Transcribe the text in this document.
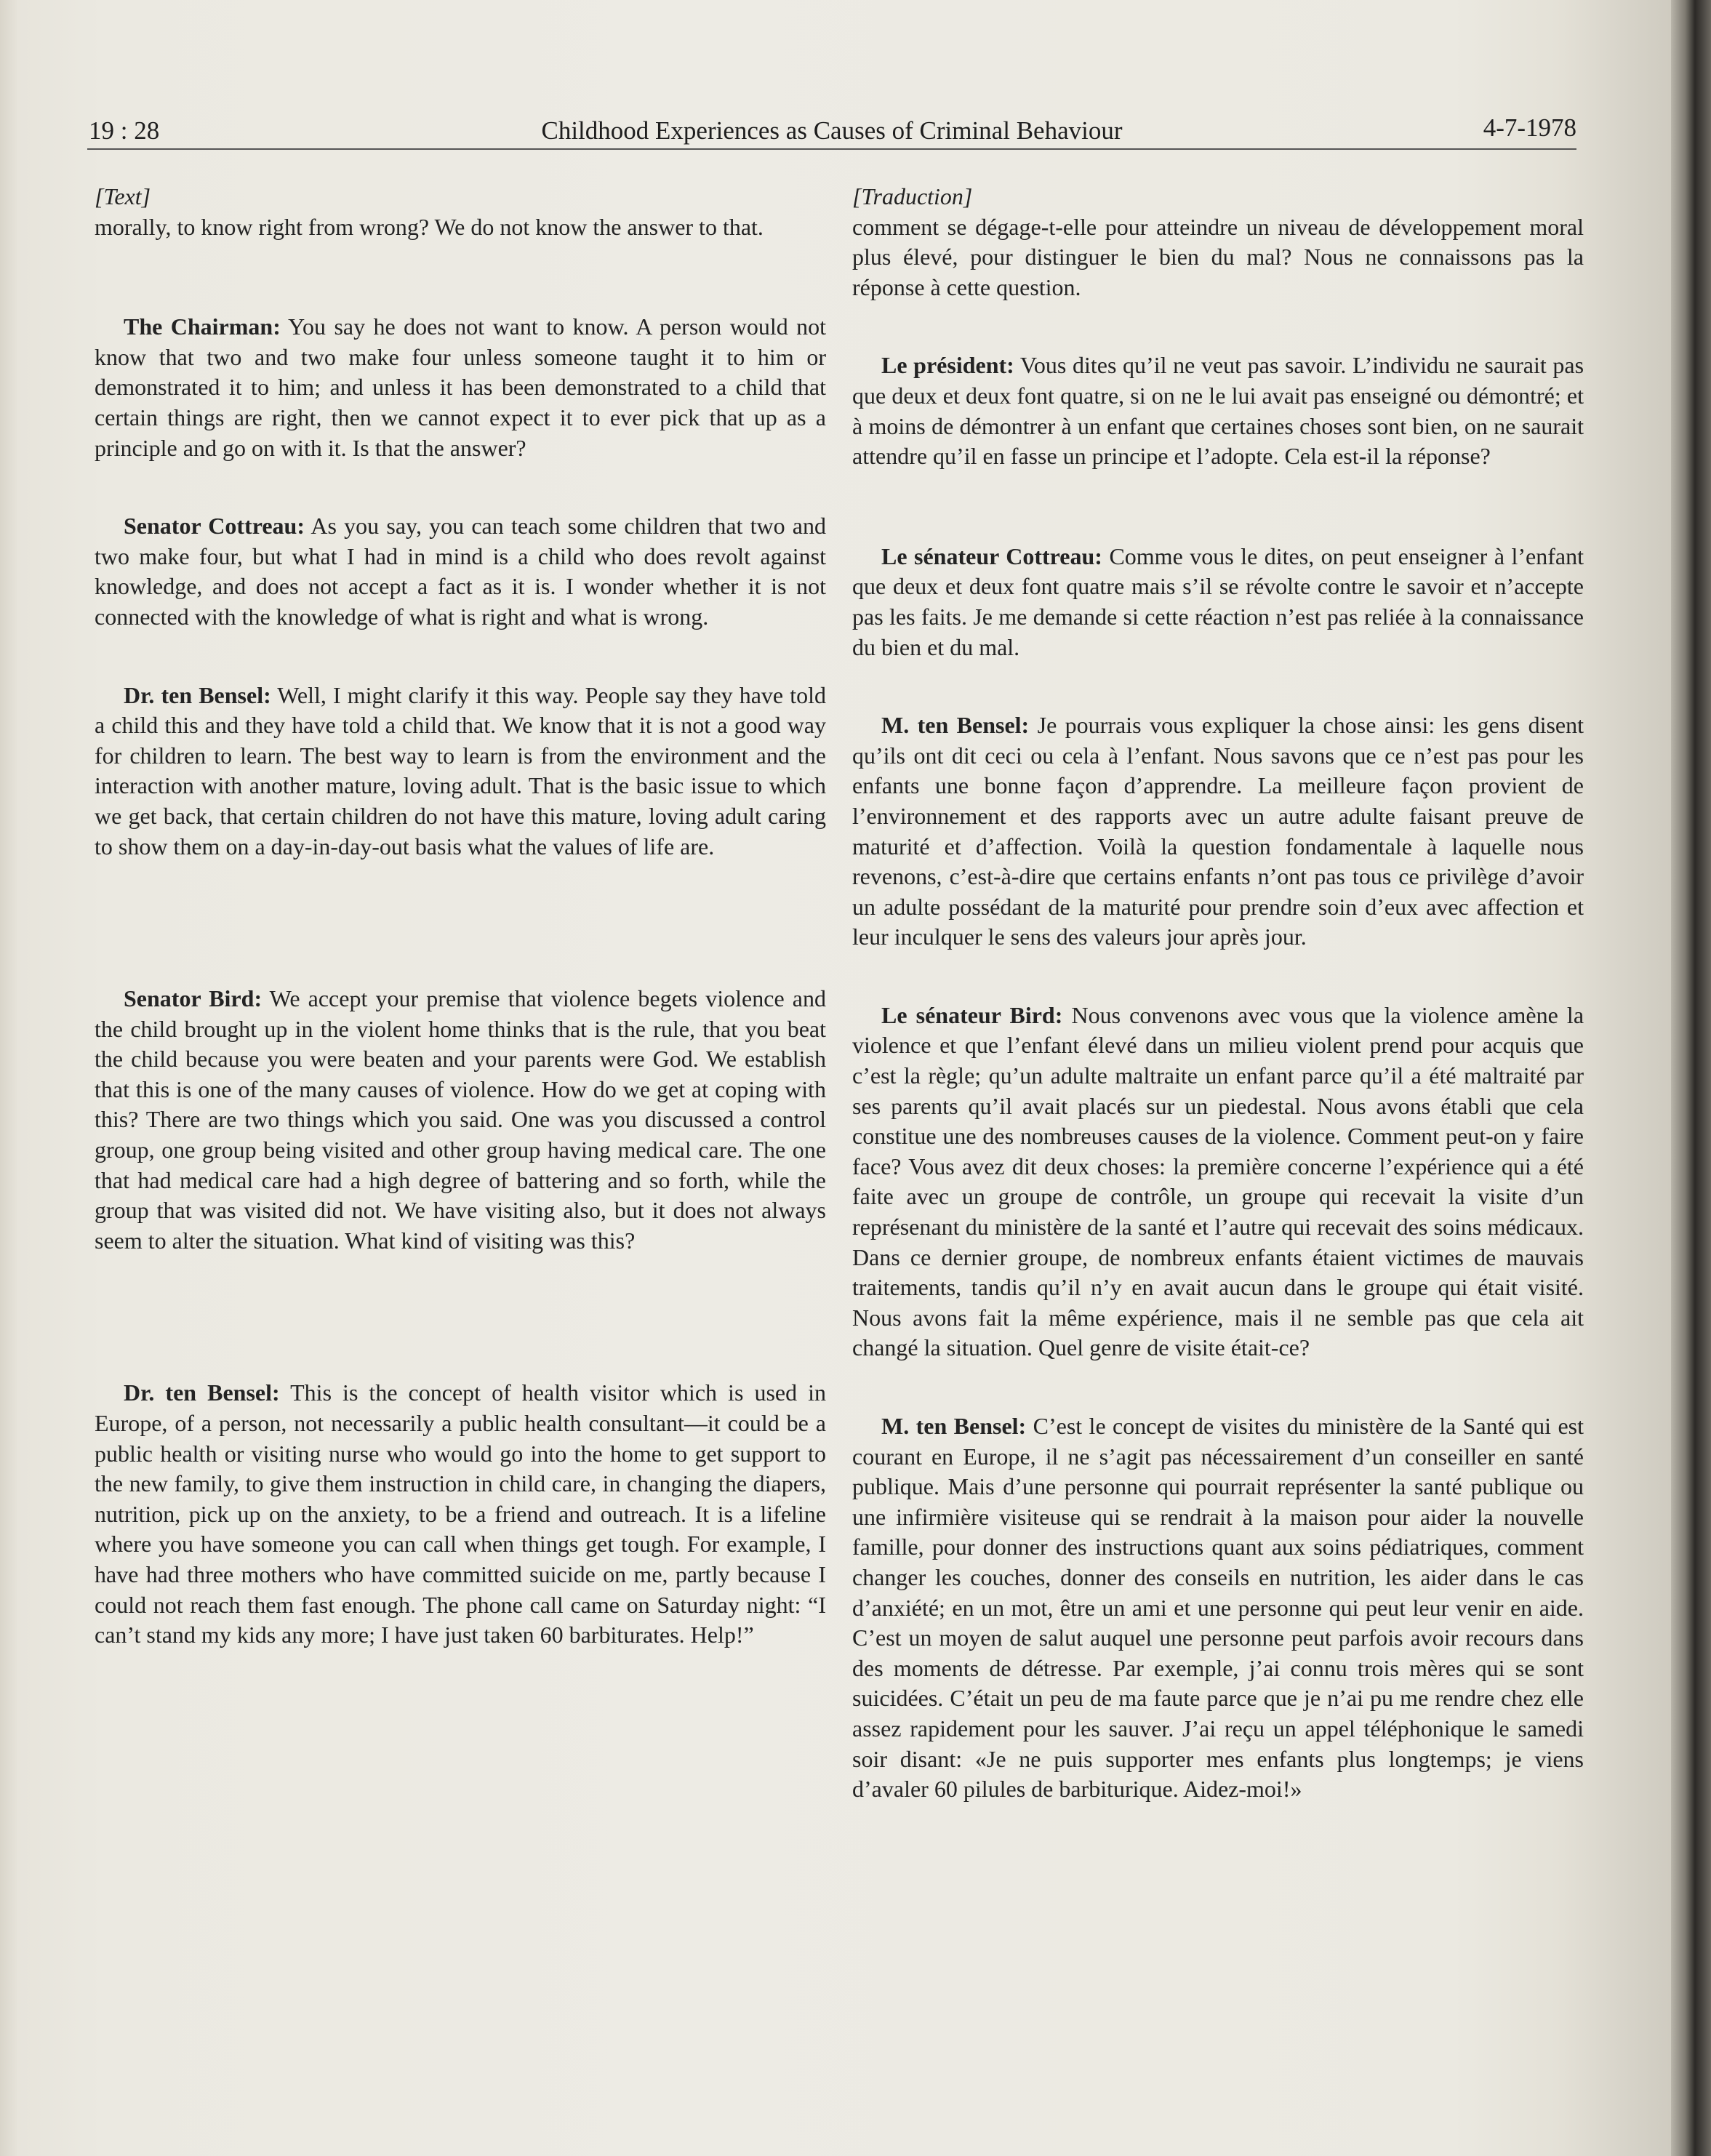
19 : 28	Childhood Experiences as Causes of Criminal Behaviour	4-7-1978

[Text]

morally, to know right from wrong? We do not know the answer to that.

The Chairman: You say he does not want to know. A person would not know that two and two make four unless someone taught it to him or demonstrated it to him; and unless it has been demonstrated to a child that certain things are right, then we cannot expect it to ever pick that up as a principle and go on with it. Is that the answer?

Senator Cottreau: As you say, you can teach some children that two and two make four, but what I had in mind is a child who does revolt against knowledge, and does not accept a fact as it is. I wonder whether it is not connected with the knowledge of what is right and what is wrong.

Dr. ten Bensel: Well, I might clarify it this way. People say they have told a child this and they have told a child that. We know that it is not a good way for children to learn. The best way to learn is from the environment and the interaction with another mature, loving adult. That is the basic issue to which we get back, that certain children do not have this mature, loving adult caring to show them on a day-in-day-out basis what the values of life are.

Senator Bird: We accept your premise that violence begets violence and the child brought up in the violent home thinks that is the rule, that you beat the child because you were beaten and your parents were God. We establish that this is one of the many causes of violence. How do we get at coping with this? There are two things which you said. One was you discussed a control group, one group being visited and other group having medical care. The one that had medical care had a high degree of battering and so forth, while the group that was visited did not. We have visiting also, but it does not always seem to alter the situation. What kind of visiting was this?

Dr. ten Bensel: This is the concept of health visitor which is used in Europe, of a person, not necessarily a public health consultant—it could be a public health or visiting nurse who would go into the home to get support to the new family, to give them instruction in child care, in changing the diapers, nutrition, pick up on the anxiety, to be a friend and outreach. It is a lifeline where you have someone you can call when things get tough. For example, I have had three mothers who have committed suicide on me, partly because I could not reach them fast enough. The phone call came on Saturday night: “I can’t stand my kids any more; I have just taken 60 barbiturates. Help!”

[Traduction]

comment se dégage-t-elle pour atteindre un niveau de développement moral plus élevé, pour distinguer le bien du mal? Nous ne connaissons pas la réponse à cette question.

Le président: Vous dites qu’il ne veut pas savoir. L’individu ne saurait pas que deux et deux font quatre, si on ne le lui avait pas enseigné ou démontré; et à moins de démontrer à un enfant que certaines choses sont bien, on ne saurait attendre qu’il en fasse un principe et l’adopte. Cela est-il la réponse?

Le sénateur Cottreau: Comme vous le dites, on peut enseigner à l’enfant que deux et deux font quatre mais s’il se révolte contre le savoir et n’accepte pas les faits. Je me demande si cette réaction n’est pas reliée à la connaissance du bien et du mal.

M. ten Bensel: Je pourrais vous expliquer la chose ainsi: les gens disent qu’ils ont dit ceci ou cela à l’enfant. Nous savons que ce n’est pas pour les enfants une bonne façon d’apprendre. La meilleure façon provient de l’environnement et des rapports avec un autre adulte faisant preuve de maturité et d’affection. Voilà la question fondamentale à laquelle nous revenons, c’est-à-dire que certains enfants n’ont pas tous ce privilège d’avoir un adulte possédant de la maturité pour prendre soin d’eux avec affection et leur inculquer le sens des valeurs jour après jour.

Le sénateur Bird: Nous convenons avec vous que la violence amène la violence et que l’enfant élevé dans un milieu violent prend pour acquis que c’est la règle; qu’un adulte maltraite un enfant parce qu’il a été maltraité par ses parents qu’il avait placés sur un piedestal. Nous avons établi que cela constitue une des nombreuses causes de la violence. Comment peut-on y faire face? Vous avez dit deux choses: la première concerne l’expérience qui a été faite avec un groupe de contrôle, un groupe qui recevait la visite d’un représenant du ministère de la santé et l’autre qui recevait des soins médicaux. Dans ce dernier groupe, de nombreux enfants étaient victimes de mauvais traitements, tandis qu’il n’y en avait aucun dans le groupe qui était visité. Nous avons fait la même expérience, mais il ne semble pas que cela ait changé la situation. Quel genre de visite était-ce?

M. ten Bensel: C’est le concept de visites du ministère de la Santé qui est courant en Europe, il ne s’agit pas nécessairement d’un conseiller en santé publique. Mais d’une personne qui pourrait représenter la santé publique ou une infirmière visiteuse qui se rendrait à la maison pour aider la nouvelle famille, pour donner des instructions quant aux soins pédiatriques, comment changer les couches, donner des conseils en nutrition, les aider dans le cas d’anxiété; en un mot, être un ami et une personne qui peut leur venir en aide. C’est un moyen de salut auquel une personne peut parfois avoir recours dans des moments de détresse. Par exemple, j’ai connu trois mères qui se sont suicidées. C’était un peu de ma faute parce que je n’ai pu me rendre chez elle assez rapidement pour les sauver. J’ai reçu un appel téléphonique le samedi soir disant: «Je ne puis supporter mes enfants plus longtemps; je viens d’avaler 60 pilules de barbiturique. Aidez-moi!»
